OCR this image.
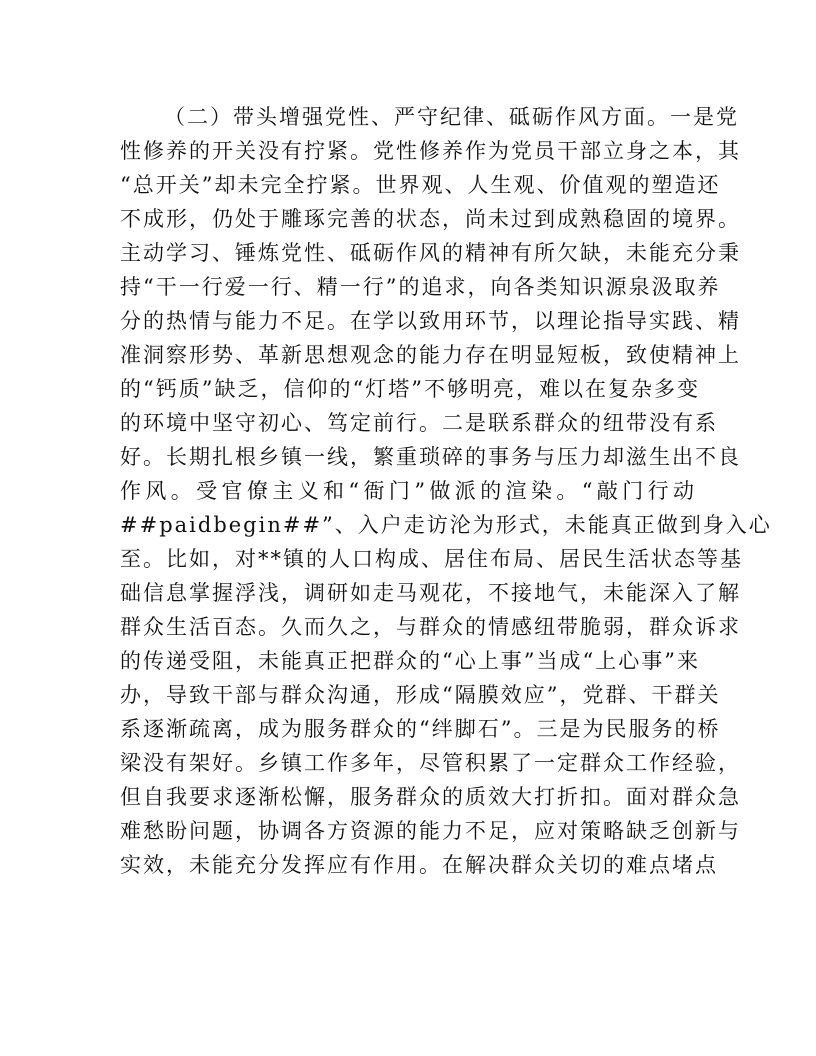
（二）带头增强党性、严守纪律、砥砺作风方面。一是党
性修养的开关没有拧紧。党性修养作为党员干部立身之本，其
“总开关”却未完全拧紧。世界观、人生观、价值观的塑造还
不成形，仍处于雕琢完善的状态，尚未过到成熟稳固的境界。
主动学习、锤炼党性、砥砺作风的精神有所欠缺，未能充分秉
持“干一行爱一行、精一行”的追求，向各类知识源泉汲取养
分的热情与能力不足。在学以致用环节，以理论指导实践、精
准洞察形势、革新思想观念的能力存在明显短板，致使精神上
的“钙质”缺乏，信仰的“灯塔”不够明亮，难以在复杂多变
的环境中坚守初心、笃定前行。二是联系群众的纽带没有系
好。长期扎根乡镇一线，繁重琐碎的事务与压力却滋生出不良
作风。受官僚主义和“衙门”做派的渲染。“敲门行动
##paidbegin##”、入户走访沦为形式，未能真正做到身入心
至。比如，对**镇的人口构成、居住布局、居民生活状态等基
础信息掌握浮浅，调研如走马观花，不接地气，未能深入了解
群众生活百态。久而久之，与群众的情感纽带脆弱，群众诉求
的传递受阻，未能真正把群众的“心上事”当成“上心事”来
办，导致干部与群众沟通，形成“隔膜效应”，党群、干群关
系逐渐疏离，成为服务群众的“绊脚石”。三是为民服务的桥
梁没有架好。乡镇工作多年，尽管积累了一定群众工作经验，
但自我要求逐渐松懈，服务群众的质效大打折扣。面对群众急
难愁盼问题，协调各方资源的能力不足，应对策略缺乏创新与
实效，未能充分发挥应有作用。在解决群众关切的难点堵点
